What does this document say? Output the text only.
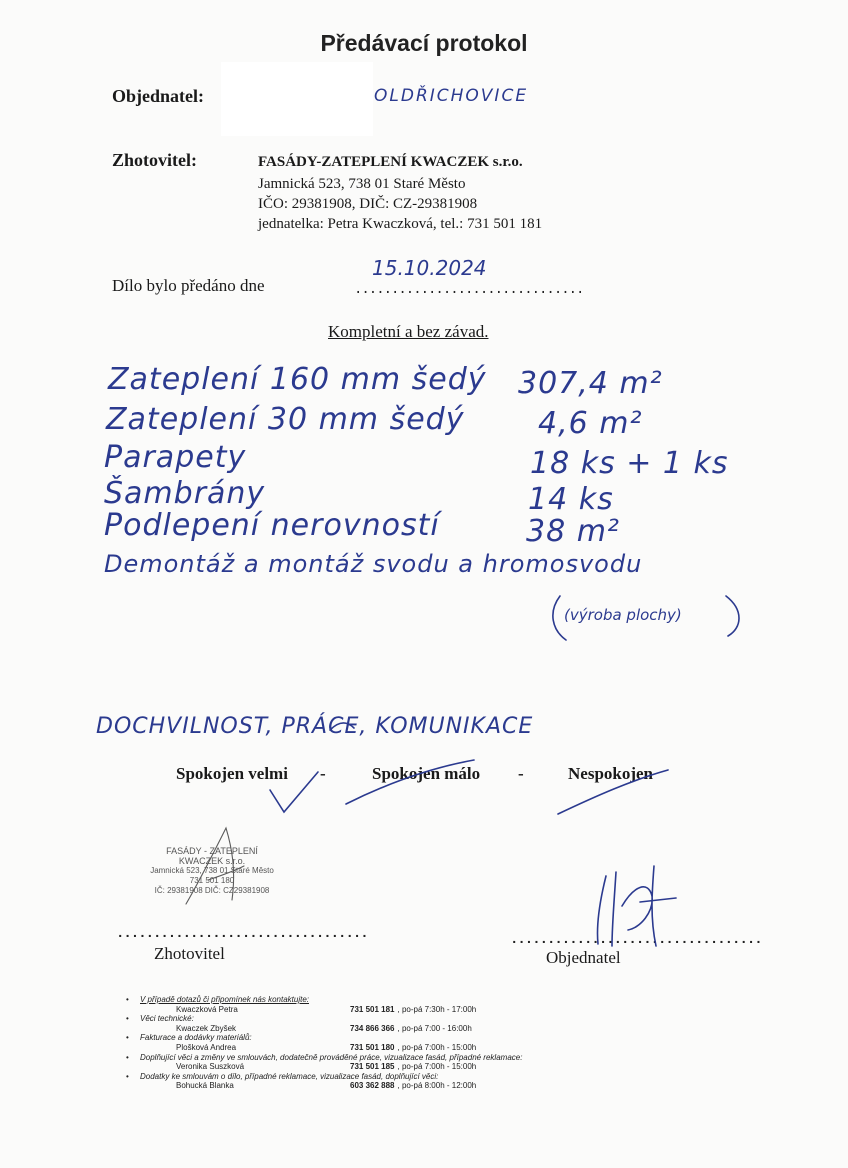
Předávací protokol
Objednatel:	OLDŘICHOVICE
Zhotovitel:	FASÁDY-ZATEPLENÍ KWACZEK s.r.o.
Jamnická 523, 738 01 Staré Město
IČO: 29381908, DIČ: CZ-29381908
jednatelka: Petra Kwaczková, tel.: 731 501 181
Dílo bylo předáno dne
15.10.2024
...............................
Kompletní a bez závad.
Zateplení 160 mm šedý 307,4 m²
Zateplení 30 mm šedý 4,6 m²
Parapety	18 ks + 1 ks
Šambrány	14 ks
Podlepení nerovností	38 m²
Demontáž a montáž svodu a hromosvodu
(výroba plochy)
DOCHVILNOST, PRÁCE, KOMUNIKACE
Spokojen velmi -	Spokojen málo -	Nespokojen
FASÁDY - ZATEPLENÍ
KWACZEK s.r.o.
Jamnická 523, 738 01 Staré Město
731 501 180
IČ: 29381908 DIČ: CZ29381908
..................................
Zhotovitel
..................................
Objednatel
• V případě dotazů či připomínek nás kontaktujte:
Kwaczková Petra	731 501 181 , po-pá 7:30h - 17:00h
• Věci technické:
Kwaczek Zbyšek	734 866 366 , po-pá 7:00 - 16:00h
• Fakturace a dodávky materiálů:
Plošková Andrea	731 501 180 , po-pá 7:00h - 15:00h
• Doplňující věci a změny ve smlouvách, dodatečně prováděné práce, vizualizace fasád, případné reklamace:
Veronika Suszková	731 501 185 , po-pá 7:00h - 15:00h
• Dodatky ke smlouvám o dílo, případné reklamace, vizualizace fasád, doplňující věci:
Bohucká Blanka	603 362 888 , po-pá 8:00h - 12:00h
